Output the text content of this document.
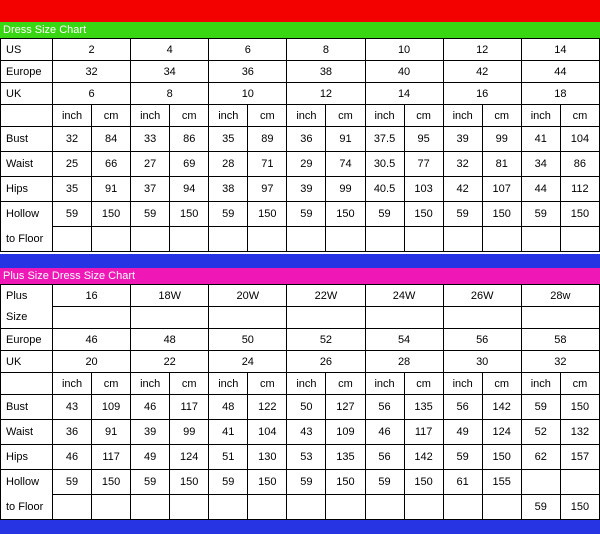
Dress Size Chart
US	2		4		6		8		10		12		14	
Europe	32		34		36		38		40		42		44	
UK	6		8		10		12		14		16		18	
	inch	cm	inch	cm	inch	cm	inch	cm	inch	cm	inch	cm	inch	cm
Bust	32	84	33	86	35	89	36	91	37.5	95	39	99	41	104
Waist	25	66	27	69	28	71	29	74	30.5	77	32	81	34	86
Hips	35	91	37	94	38	97	39	99	40.5	103	42	107	44	112
Hollow	59	150	59	150	59	150	59	150	59	150	59	150	59	150
to Floor														
Plus Size Dress Size Chart
Plus	16		18W		20W		22W		24W		26W		28w	
Size														
Europe	46		48		50		52		54		56		58	
UK	20		22		24		26		28		30		32	
	inch	cm	inch	cm	inch	cm	inch	cm	inch	cm	inch	cm	inch	cm
Bust	43	109	46	117	48	122	50	127	56	135	56	142	59	150
Waist	36	91	39	99	41	104	43	109	46	117	49	124	52	132
Hips	46	117	49	124	51	130	53	135	56	142	59	150	62	157
Hollow	59	150	59	150	59	150	59	150	59	150	61	155		
to Floor													59	150
